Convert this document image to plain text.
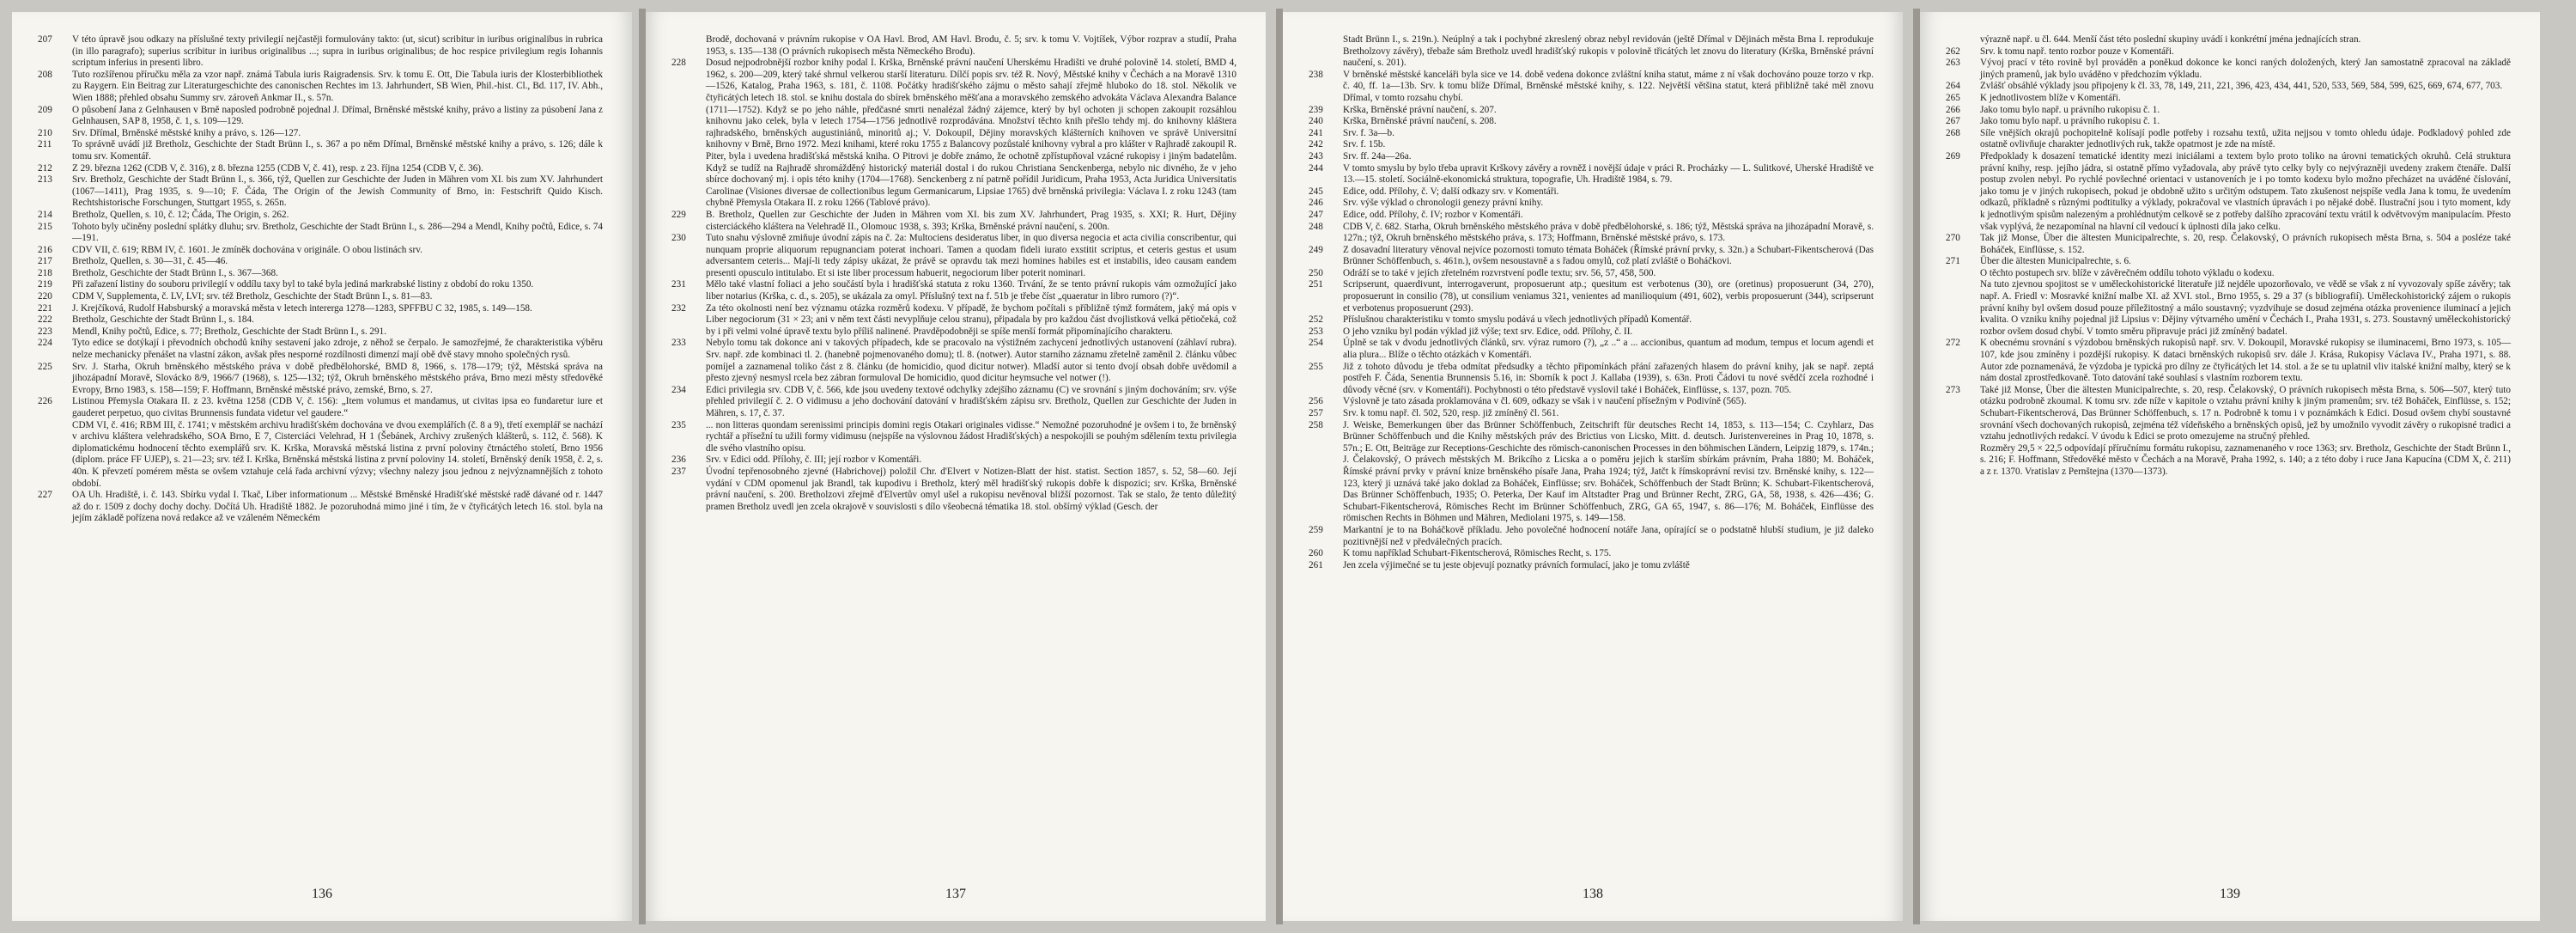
207	V této úpravě jsou odkazy na příslušné texty privilegií nejčastěji formulovány takto: (ut, sicut) scribitur in iuribus originalibus in rubrica (in illo paragrafo); superius scribitur in iuribus originalibus ...; supra in iuribus originalibus; de hoc respice privilegium regis Iohannis scriptum inferius in presenti libro.
208	Tuto rozšířenou příručku měla za vzor např. známá Tabula iuris Raigradensis. Srv. k tomu E. Ott, Die Tabula iuris der Klosterbibliothek zu Raygern. Ein Beitrag zur Literaturgeschichte des canonischen Rechtes im 13. Jahrhundert, SB Wien, Phil.-hist. Cl., Bd. 117, IV. Abh., Wien 1888; přehled obsahu Summy srv. zároveň Ankmar II., s. 57n.
209	O působení Jana z Gelnhausen v Brně naposled podrobně pojednal J. Dřímal, Brněnské městské knihy, právo a listiny za púsobení Jana z Gelnhausen, SAP 8, 1958, č. 1, s. 109—129.
210	Srv. Dřímal, Brněnské městské knihy a právo, s. 126—127.
211	To správně uvádí již Bretholz, Geschichte der Stadt Brünn I., s. 367 a po něm Dřímal, Brněnské městské knihy a právo, s. 126; dále k tomu srv. Komentář.
212	Z 29. března 1262 (CDB V, č. 316), z 8. března 1255 (CDB V, č. 41), resp. z 23. října 1254 (CDB V, č. 36).
213	Srv. Bretholz, Geschichte der Stadt Brünn I., s. 366, týž, Quellen zur Geschichte der Juden in Mähren vom XI. bis zum XV. Jahrhundert (1067—1411), Prag 1935, s. 9—10; F. Čáda, The Origin of the Jewish Community of Brno, in: Festschrift Quido Kisch. Rechtshistorische Forschungen, Stuttgart 1955, s. 265n.
214	Bretholz, Quellen, s. 10, č. 12; Čáda, The Origin, s. 262.
215	Tohoto byly učiněny poslední splátky dluhu; srv. Bretholz, Geschichte der Stadt Brünn I., s. 286—294 a Mendl, Knihy počtů, Edice, s. 74—191.
216	CDV VII, č. 619; RBM IV, č. 1601. Je zmíněk dochována v originále. O obou listinách srv.
217	Bretholz, Quellen, s. 30—31, č. 45—46.
218	Bretholz, Geschichte der Stadt Brünn I., s. 367—368.
219	Při zařazení listiny do souboru privilegií v oddílu taxy byl to také byla jediná markrabské listiny z období do roku 1350.
220	CDM V, Supplementa, č. LV, LVI; srv. též Bretholz, Geschichte der Stadt Brünn I., s. 81—83.
221	J. Krejčíková, Rudolf Habsburský a moravská města v letech intererga 1278—1283, SPFFBU C 32, 1985, s. 149—158.
222	Bretholz, Geschichte der Stadt Brünn I., s. 184.
223	Mendl, Knihy počtů, Edice, s. 77; Bretholz, Geschichte der Stadt Brünn I., s. 291.
224	Tyto edice se dotýkají i převodních obchodů knihy sestavení jako zdroje, z něhož se čerpalo. Je samozřejmé, že charakteristika výběru nelze mechanicky přenášet na vlastní zákon, avšak přes nesporné rozdílnosti dimenzí mají obě dvě stavy mnoho společných rysů.
225	Srv. J. Starha, Okruh brněnského městského práva v době předbělohorské, BMD 8, 1966, s. 178—179; týž, Městská správa na jihozápadní Moravě, Slovácko 8/9, 1966/7 (1968), s. 125—132; týž, Okruh brněnského městského práva, Brno mezi městy středověké Evropy, Brno 1983, s. 158—159; F. Hoffmann, Brněnské městské právo, zemské, Brno, s. 27.
226	Listinou Přemysla Otakara II. z 23. května 1258 (CDB V, č. 156): „Item volumus et mandamus, ut civitas ipsa eo fundaretur iure et gauderet perpetuo, quo civitas Brunnensis fundata videtur vel gaudere.“
CDM VI, č. 416; RBM III, č. 1741; v městském archivu hradišťském dochována ve dvou exemplářích (č. 8 a 9), třetí exemplář se nachází v archivu kláštera velehradského, SOA Brno, E 7, Cisterciáci Velehrad, H 1 (Šebánek, Archivy zrušených klášterů, s. 112, č. 568). K diplomatickému hodnocení těchto exemplářů srv. K. Krška, Moravská městská listina z první poloviny čtrnáctého století, Brno 1956 (diplom. práce FF UJEP), s. 21—23; srv. též I. Krška, Brněnská městská listina z první poloviny 14. století, Brněnský deník 1958, č. 2, s. 40n. K převzetí pomérem města se ovšem vztahuje celá řada archivní výzvy; všechny nalezy jsou jednou z nejvýznamnějších z tohoto období.
227	OA Uh. Hradiště, i. č. 143. Sbírku vydal I. Tkač, Liber informationum ... Městské Brněnské Hradišťské městské radě dávané od r. 1447 až do r. 1509 z dochy dochy dochy. Dočítá Uh. Hradiště 1882. Je pozoruhodná mimo jiné i tím, že v čtyřicátých letech 16. stol. byla na jejím základě pořízena nová redakce až ve vzáleném Německém
136
Brodě, dochovaná v právním rukopise v OA Havl. Brod, AM Havl. Brodu, č. 5; srv. k tomu V. Vojtíšek, Výbor rozprav a studií, Praha 1953, s. 135—138 (O právních rukopisech města Německého Brodu).
228	Dosud nejpodrobnější rozbor knihy podal I. Krška, Brněnské právní naučení Uherskému Hradišti ve druhé polovině 14. století, BMD 4, 1962, s. 200—209, který také shrnul velkerou starší literaturu. Dílčí popis srv. též R. Nový, Městské knihy v Čechách a na Moravě 1310—1526, Katalog, Praha 1963, s. 181, č. 1108. Počátky hradišťského zájmu o město sahají zřejmě hluboko do 18. stol. Několik ve čtyřicátých letech 18. stol. se knihu dostala do sbírek brněnského měšťana a moravského zemského advokáta Václava Alexandra Balance (1711—1752). Když se po jeho náhle, předčasné smrti nenalézal žádný zájemce, který by byl ochoten ji schopen zakoupit rozsáhlou knihovnu jako celek, byla v letech 1754—1756 jednotlivě rozprodávána. Množství těchto knih přešlo tehdy mj. do knihovny kláštera rajhradského, brněnských augustiniánů, minoritů aj.; V. Dokoupil, Dějiny moravských klášterních knihoven ve správě Universitní knihovny v Brně, Brno 1972. Mezi knihami, které roku 1755 z Balancovy pozůstalé knihovny vybral a pro klášter v Rajhradě zakoupil R. Piter, byla i uvedena hradišťská městská kniha. O Pitrovi je dobře známo, že ochotně zpřístupňoval vzácné rukopisy i jiným badatelům. Když se tudíž na Rajhradě shromážděný historický materiál dostal i do rukou Christiana Senckenberga, nebylo nic divného, že v jeho sbírce dochovaný mj. i opis této knihy (1704—1768). Senckenberg z ní patrně pořídil Juridicum, Praha 1953, Acta Juridica Universitatis Carolinae (Visiones diversae de collectionibus legum Germanicarum, Lipsiae 1765) dvě brněnská privilegia: Václava I. z roku 1243 (tam chybně Přemysla Otakara II. z roku 1266 (Tablové právo).
229	B. Bretholz, Quellen zur Geschichte der Juden in Mähren vom XI. bis zum XV. Jahrhundert, Prag 1935, s. XXI; R. Hurt, Dějiny cisterciáckého kláštera na Velehradě II., Olomouc 1938, s. 393; Krška, Brněnské právní naučení, s. 200n.
230	Tuto snahu výslovně zmiňuje úvodní zápis na č. 2a: Multociens desideratus liber, in quo diversa negocia et acta civilia conscribentur, qui nunquam proprie aliquorum repugnanciam poterat inchoari. Tamen a quodam fideli iurato exstitit scriptus, et ceteris gestus et usum adversantem ceteris... Mají-li tedy zápisy ukázat, že právě se opravdu tak mezi homines habiles est et instabilis, ideo causam eandem presenti opusculo intitulabo. Et si iste liber processum habuerit, negociorum liber poterit nominari.
231	Mělo také vlastní foliaci a jeho součástí byla i hradišťská statuta z roku 1360. Trvání, že se tento právní rukopis vám ozmožující jako liber notarius (Krška, c. d., s. 205), se ukázala za omyl. Příslušný text na f. 51b je třebe číst „quaeratur in libro rumoro (?)“.
232	Za této okolnosti není bez významu otázka rozměrů kodexu. V případě, že bychom počítali s příbližně týmž formátem, jaký má opis v Liber negociorum (31 × 23; ani v něm text části nevyplňuje celou stranu), připadala by pro každou část dvojlistková velká pětiočeká, což by i při velmi volné úpravě textu bylo příliš nalinené. Pravděpodobněji se spíše menší formát připomínajícího charakteru.
233	Nebylo tomu tak dokonce ani v takových případech, kde se pracovalo na výstižném zachycení jednotlivých ustanovení (záhlaví rubra). Srv. např. zde kombinaci tl. 2. (hanebně pojmenovaného domu); tl. 8. (notwer). Autor starního záznamu zřetelně zaměnil 2. článku vůbec pomíjel a zaznamenal toliko část z 8. článku (de homicidio, quod dicitur notwer). Mladší autor si tento dvojí obsah dobře uvědomil a přesto zjevný nesmysl rcela bez zábran formuloval De homicidio, quod dicitur heymsuche vel notwer (!).
234	Edici privilegia srv. CDB V, č. 566, kde jsou uvedeny textové odchylky zdejšího záznamu (C) ve srovnání s jiným dochováním; srv. výše přehled privilegií č. 2. O vidimusu a jeho dochování datování v hradišťském zápisu srv. Bretholz, Quellen zur Geschichte der Juden in Mähren, s. 17, č. 37.
235	... non litteras quondam serenissimi principis domini regis Otakari originales vidisse.“ Nemožné pozoruhodné je ovšem i to, že brněnský rychtář a přísežní tu užili formy vidimusu (nejspíše na výslovnou žádost Hradišťských) a nespokojili se pouhým sdělením textu privilegia dle svého vlastního opisu.
236	Srv. v Edici odd. Přílohy, č. III; její rozbor v Komentáři.
237	Úvodní tepřenosobného zjevné (Habrichovej) položil Chr. d'Elvert v Notizen-Blatt der hist. statist. Section 1857, s. 52, 58—60. Její vydání v CDM opomenul jak Brandl, tak kupodivu i Bretholz, který měl hradišťský rukopis dobře k dispozici; srv. Krška, Brněnské právní naučení, s. 200. Bretholzovi zřejmě d'Elvertův omyl ušel a rukopisu nevěnoval bližší pozornost. Tak se stalo, že tento důležitý pramen Bretholz uvedl jen zcela okrajově v souvislosti s dílo všeobecná tématika 18. stol. obšírný výklad (Gesch. der
137
Stadt Brünn I., s. 219n.). Neúplný a tak i pochybné zkreslený obraz nebyl revidován (ještě Dřímal v Dějinách města Brna I. reprodukuje Bretholzovy závěry), třebaže sám Bretholz uvedl hradišťský rukopis v polovině třicátých let znovu do literatury (Krška, Brněnské právní naučení, s. 201).
238	V brněnské městské kanceláři byla sice ve 14. době vedena dokonce zvláštní kniha statut, máme z ní však dochováno pouze torzo v rkp. č. 40, ff. 1a—13b. Srv. k tomu blíže Dřímal, Brněnské městské knihy, s. 122. Největší většina statut, která přibližně také měl znovu Dřímal, v tomto rozsahu chybí.
239	Krška, Brněnské právní naučení, s. 207.
240	Krška, Brněnské právní naučení, s. 208.
241	Srv. f. 3a—b.
242	Srv. f. 15b.
243	Srv. ff. 24a—26a.
244	V tomto smyslu by bylo třeba upravit Krškovy závěry a rovněž i novější údaje v práci R. Procházky — L. Sulitkové, Uherské Hradiště ve 13.—15. století. Sociálně-ekonomická struktura, topografie, Uh. Hradiště 1984, s. 79.
245	Edice, odd. Přílohy, č. V; další odkazy srv. v Komentáři.
246	Srv. výše výklad o chronologii genezy právní knihy.
247	Edice, odd. Přílohy, č. IV; rozbor v Komentáři.
248	CDB V, č. 682. Starha, Okruh brněnského městského práva v době předbělohorské, s. 186; týž, Městská správa na jihozápadní Moravě, s. 127n.; týž, Okruh brněnského městského práva, s. 173; Hoffmann, Brněnské městské právo, s. 173.
249	Z dosavadní literatury věnoval nejvíce pozornosti tomuto témata Boháček (Římské právní prvky, s. 32n.) a Schubart-Fikentscherová (Das Brünner Schöffenbuch, s. 461n.), ovšem nesoustavně a s řadou omylů, což platí zvláště o Boháčkovi.
250	Odráží se to také v jejích zřetelném rozvrstvení podle textu; srv. 56, 57, 458, 500.
251	Scripserunt, quaerdivunt, interrogaverunt, proposuerunt atp.; quesitum est verbotenus (30), ore (oretinus) proposuerunt (34, 270), proposuerunt in consilio (78), ut consilium veniamus 321, venientes ad manilioquium (491, 602), verbis proposuerunt (344), scripserunt et verbotenus proposuerunt (293).
252	Příslušnou charakteristiku v tomto smyslu podává u všech jednotlivých případů Komentář.
253	O jeho vzniku byl podán výklad již výše; text srv. Edice, odd. Přílohy, č. II.
254	Úplně se tak v dvodu jednotlivých článků, srv. výraz rumoro (?), „z ..“ a ... accionibus, quantum ad modum, tempus et locum agendi et alia plura... Blíže o těchto otázkách v Komentáři.
255	Již z tohoto důvodu je třeba odmítat předsudky a těchto připomínkách přání zařazených hlasem do právní knihy, jak se např. zeptá postřeh F. Čáda, Senentia Brunnensis 5.16, in: Sborník k poct J. Kallaba (1939), s. 63n. Proti Čádovi tu nové svědčí zcela rozhodné i důvody věcné (srv. v Komentáři). Pochybnosti o této představě vyslovil také i Boháček, Einflüsse, s. 137, pozn. 705.
256	Výslovně je tato zásada proklamována v čl. 609, odkazy se však i v naučení přísežným v Podivíně (565).
257	Srv. k tomu např. čl. 502, 520, resp. již zmíněný čl. 561.
258	J. Weiske, Bemerkungen über das Brünner Schöffenbuch, Zeitschrift für deutsches Recht 14, 1853, s. 113—154; C. Czyhlarz, Das Brünner Schöffenbuch und die Knihy městských práv des Brictius von Licsko, Mitt. d. deutsch. Juristenvereines in Prag 10, 1878, s. 57n.; E. Ott, Beiträge zur Receptions-Geschichte des römisch-canonischen Processes in den böhmischen Ländern, Leipzig 1879, s. 174n.; J. Čelakovský, O právech městských M. Brikcího z Licska a o poměru jejich k starším sbírkám právním, Praha 1880; M. Boháček, Římské právní prvky v právní knize brněnského písaře Jana, Praha 1924; týž, Jatčt k římskoprávní revisi tzv. Brněnské knihy, s. 122—123, který ji uznává také jako doklad za Boháček, Einflüsse; srv. Boháček, Schöffenbuch der Stadt Brünn; K. Schubart-Fikentscherová, Das Brünner Schöffenbuch, 1935; O. Peterka, Der Kauf im Altstadter Prag und Brünner Recht, ZRG, GA, 58, 1938, s. 426—436; G. Schubart-Fikentscherová, Römisches Recht im Brünner Schöffenbuch, ZRG, GA 65, 1947, s. 86—176; M. Boháček, Einflüsse des römischen Rechts in Böhmen und Mähren, Mediolani 1975, s. 149—158.
259	Markantní je to na Boháčkově příkladu. Jeho povolečné hodnocení notáře Jana, opírající se o podstatně hlubší studium, je již daleko pozitivnější než v předválečných pracích.
260	K tomu například Schubart-Fikentscherová, Römisches Recht, s. 175.
261	Jen zcela výjimečné se tu jeste objevují poznatky právních formulací, jako je tomu zvláště
138
výrazně např. u čl. 644. Menší část této poslední skupiny uvádí i konkrétní jména jednajících stran.
262	Srv. k tomu např. tento rozbor pouze v Komentáři.
263	Vývoj prací v této rovině byl prováděn a poněkud dokonce ke konci raných doložených, který Jan samostatně zpracoval na základě jiných pramenů, jak bylo uváděno v předchozím výkladu.
264	Zvlášť obsáhlé výklady jsou připojeny k čl. 33, 78, 149, 211, 221, 396, 423, 434, 441, 520, 533, 569, 584, 599, 625, 669, 674, 677, 703.
265	K jednotlivostem blíže v Komentáři.
266	Jako tomu bylo např. u právního rukopisu č. 1.
267	Jako tomu bylo např. u právního rukopisu č. 1.
268	Síle vnějších okrajů pochopitelně kolísají podle potřeby i rozsahu textů, užita nejjsou v tomto ohledu údaje. Podkladový pohled zde ostatně ovlivňuje charakter jednotlivých ruk, takže opatrnost je zde na místě.
269	Předpoklady k dosazení tematické identity mezi iniciálami a textem bylo proto toliko na úrovni tematických okruhů. Celá struktura právní knihy, resp. jejího jádra, si ostatně přímo vyžadovala, aby právě tyto celky byly co nejvýrazněji uvedeny zrakem čtenáře. Další postup zvolen nebyl. Po rychlé povšechné orientaci v ustanoveních je i po tomto kodexu bylo možno přecházet na uváděné číslování, jako tomu je v jiných rukopisech, pokud je obdobně užito s určitým odstupem. Tato zkušenost nejspíše vedla Jana k tomu, že uvedením odkazů, příkladně s různými podtitulky a výklady, pokračoval ve vlastních úpravách i po nějaké době. Ilustrační jsou i tyto moment, kdy k jednotlivým spisům nalezeným a prohlédnutým celkově se z potřeby dalšího zpracování textu vrátil k odvětvovým manipulacím. Přesto však vyplývá, že nezapomínal na hlavní cíl vedoucí k úplnosti díla jako celku.
270	Tak již Monse, Über die ältesten Municipalrechte, s. 20, resp. Čelakovský, O právních rukopisech města Brna, s. 504 a posléze také Boháček, Einflüsse, s. 152.
271	Über die ältesten Municipalrechte, s. 6.
O těchto postupech srv. blíže v závěrečném oddílu tohoto výkladu o kodexu.
Na tuto zjevnou spojitost se v uměleckohistorické literatuře již nejdéle upozorňovalo, ve vědě se však z ní vyvozovaly spíše závěry; tak např. A. Friedl v: Mosravké knižní malbe XI. až XVI. stol., Brno 1955, s. 29 a 37 (s bibliografií). Uměleckohistorický zájem o rukopis právní knihy byl ovšem dosud pouze příležitostný a málo soustavný; vyzdvihuje se dosud zejména otázka provenience iluminací a jejich kvalita. O vzniku knihy pojednal již Lipsius v: Dějiny výtvarného umění v Čechách I., Praha 1931, s. 273. Soustavný uměleckohistorický rozbor ovšem dosud chybí. V tomto směru připravuje práci již zmíněný badatel.
272	K obecnému srovnání s výzdobou brněnských rukopisů např. srv. V. Dokoupil, Moravské rukopisy se iluminacemi, Brno 1973, s. 105—107, kde jsou zmíněny i pozdější rukopisy. K dataci brněnských rukopisů srv. dále J. Krása, Rukopisy Václava IV., Praha 1971, s. 88. Autor zde poznamenává, že výzdoba je typická pro dílny ze čtyřicátých let 14. stol. a že se tu uplatnil vliv italské knižní malby, který se k nám dostal zprostředkovaně. Toto datování také souhlasí s vlastním rozborem textu.
273	Také již Monse, Über die ältesten Municipalrechte, s. 20, resp. Čelakovský, O právních rukopisech města Brna, s. 506—507, který tuto otázku podrobně zkoumal. K tomu srv. zde níže v kapitole o vztahu právní knihy k jiným pramenům; srv. též Boháček, Einflüsse, s. 152; Schubart-Fikentscherová, Das Brünner Schöffenbuch, s. 17 n. Podrobně k tomu i v poznámkách k Edici. Dosud ovšem chybí soustavné srovnání všech dochovaných rukopisů, zejména též vídeňského a brněnských opisů, jež by umožnilo vyvodit závěry o rukopisné tradici a vztahu jednotlivých redakcí. V úvodu k Edici se proto omezujeme na stručný přehled.
Rozměry 29,5 × 22,5 odpovídají příručnímu formátu rukopisu, zaznamenaného v roce 1363; srv. Bretholz, Geschichte der Stadt Brünn I., s. 216; F. Hoffmann, Středověké město v Čechách a na Moravě, Praha 1992, s. 140; a z této doby i ruce Jana Kapucína (CDM X, č. 211) a z r. 1370. Vratislav z Pernštejna (1370—1373).
139
